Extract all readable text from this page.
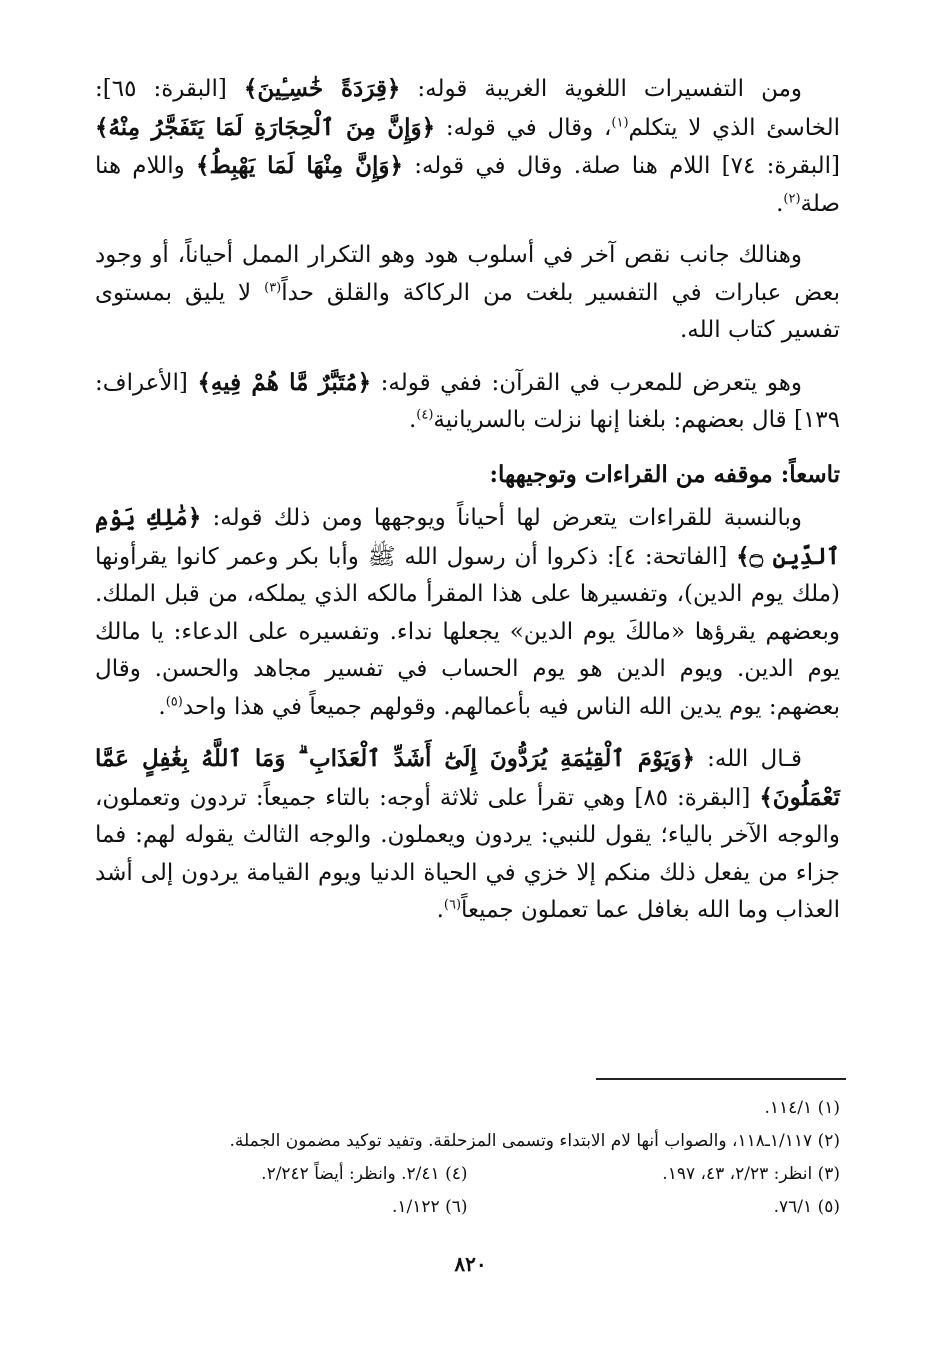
ومن التفسيرات اللغوية الغريبة قوله: ﴿قِرَدَةً خَٰسِـِٔينَ﴾ [البقرة: ٦٥]: الخاسئ الذي لا يتكلم$^{(١)}$، وقال في قوله: ﴿وَإِنَّ مِنَ ٱلْحِجَارَةِ لَمَا يَتَفَجَّرُ مِنْهُ﴾ [البقرة: ٧٤] اللام هنا صلة. وقال في قوله: ﴿وَإِنَّ مِنْهَا لَمَا يَهْبِطُ﴾ واللام هنا صلة$^{(٢)}$.

وهنالك جانب نقص آخر في أسلوب هود وهو التكرار الممل أحياناً، أو وجود بعض عبارات في التفسير بلغت من الركاكة والقلق حداً$^{(٣)}$ لا يليق بمستوى تفسير كتاب الله.

وهو يتعرض للمعرب في القرآن: ففي قوله: ﴿مُتَبَّرٌ مَّا هُمْ فِيهِ﴾ [الأعراف: ١٣٩] قال بعضهم: بلغنا إنها نزلت بالسريانية$^{(٤)}$.

تاسعاً: موقفه من القراءات وتوجيهها:

وبالنسبة للقراءات يتعرض لها أحياناً ويوجهها ومن ذلك قوله: ﴿مَٰلِكِ يَوْمِ ٱلدِّينِ ۝﴾ [الفاتحة: ٤]: ذكروا أن رسول الله ﷺ وأبا بكر وعمر كانوا يقرأونها (ملك يوم الدين)، وتفسيرها على هذا المقرأ مالكه الذي يملكه، من قبل الملك. وبعضهم يقرؤها «مالكَ يوم الدين» يجعلها نداء. وتفسيره على الدعاء: يا مالك يوم الدين. ويوم الدين هو يوم الحساب في تفسير مجاهد والحسن. وقال بعضهم: يوم يدين الله الناس فيه بأعمالهم. وقولهم جميعاً في هذا واحد$^{(٥)}$.

قـال الله: ﴿وَيَوْمَ ٱلْقِيَٰمَةِ يُرَدُّونَ إِلَىٰٓ أَشَدِّ ٱلْعَذَابِ ۗ وَمَا ٱللَّهُ بِغَٰفِلٍ عَمَّا تَعْمَلُونَ﴾ [البقرة: ٨٥] وهي تقرأ على ثلاثة أوجه: بالتاء جميعاً: تردون وتعملون، والوجه الآخر بالياء؛ يقول للنبي: يردون ويعملون. والوجه الثالث يقوله لهم: فما جزاء من يفعل ذلك منكم إلا خزي في الحياة الدنيا ويوم القيامة يردون إلى أشد العذاب وما الله بغافل عما تعملون جميعاً$^{(٦)}$.

(١) ١١٤/١.
(٢) ١/١١٧ـ١١٨، والصواب أنها لام الابتداء وتسمى المزحلقة. وتفيد توكيد مضمون الجملة.
(٣) انظر: ٢/٢٣، ٤٣، ١٩٧.
(٤) ٢/٤١. وانظر: أيضاً ٢/٢٤٢.
(٥) ٧٦/١.
(٦) ١/١٢٢.
٨٢٠
